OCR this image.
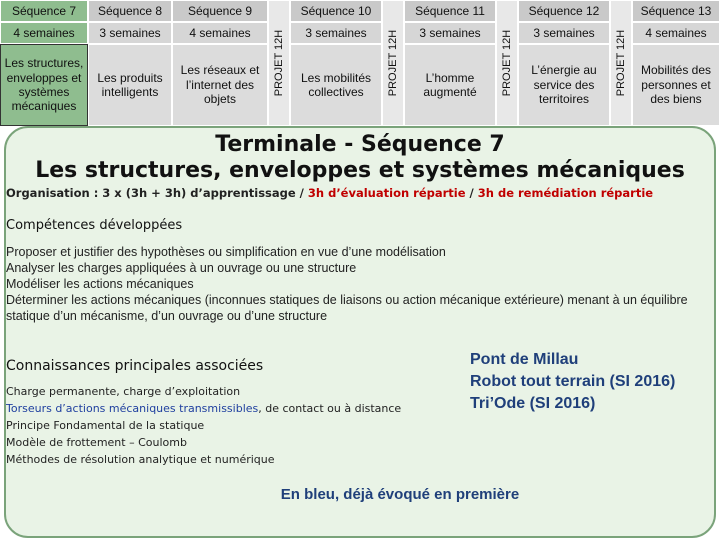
Séquence 7
4 semaines
Les structures, enveloppes et systèmes mécaniques
Séquence 8
3 semaines
Les produits intelligents
Séquence 9
4 semaines
Les réseaux et l’internet des objets
PROJET 12H
Séquence 10
3 semaines
Les mobilités collectives	PROJET 12H
Séquence 11
3 semaines
L’homme augmenté	PROJET 12H
Séquence 12
3 semaines
L’énergie au service des territoires
PROJET 12H
Séquence 13
4 semaines
Mobilités des personnes et des biens
Terminale - Séquence 7
Les structures, enveloppes et systèmes mécaniques
Organisation : 3 x (3h + 3h) d’apprentissage / 3h d’évaluation répartie / 3h de remédiation répartie
Compétences développées
Proposer et justifier des hypothèses ou simplification en vue d’une modélisation
Analyser les charges appliquées à un ouvrage ou une structure
Modéliser les actions mécaniques
Déterminer les actions mécaniques (inconnues statiques de liaisons ou action mécanique extérieure) menant à un équilibre statique d’un mécanisme, d’un ouvrage ou d’une structure
Connaissances principales associées
Charge permanente, charge d’exploitation
Torseurs d’actions mécaniques transmissibles, de contact ou à distance
Principe Fondamental de la statique
Modèle de frottement – Coulomb
Méthodes de résolution analytique et numérique
Pont de Millau
Robot tout terrain (SI 2016)
Tri’Ode (SI 2016)
En bleu, déjà évoqué en première
